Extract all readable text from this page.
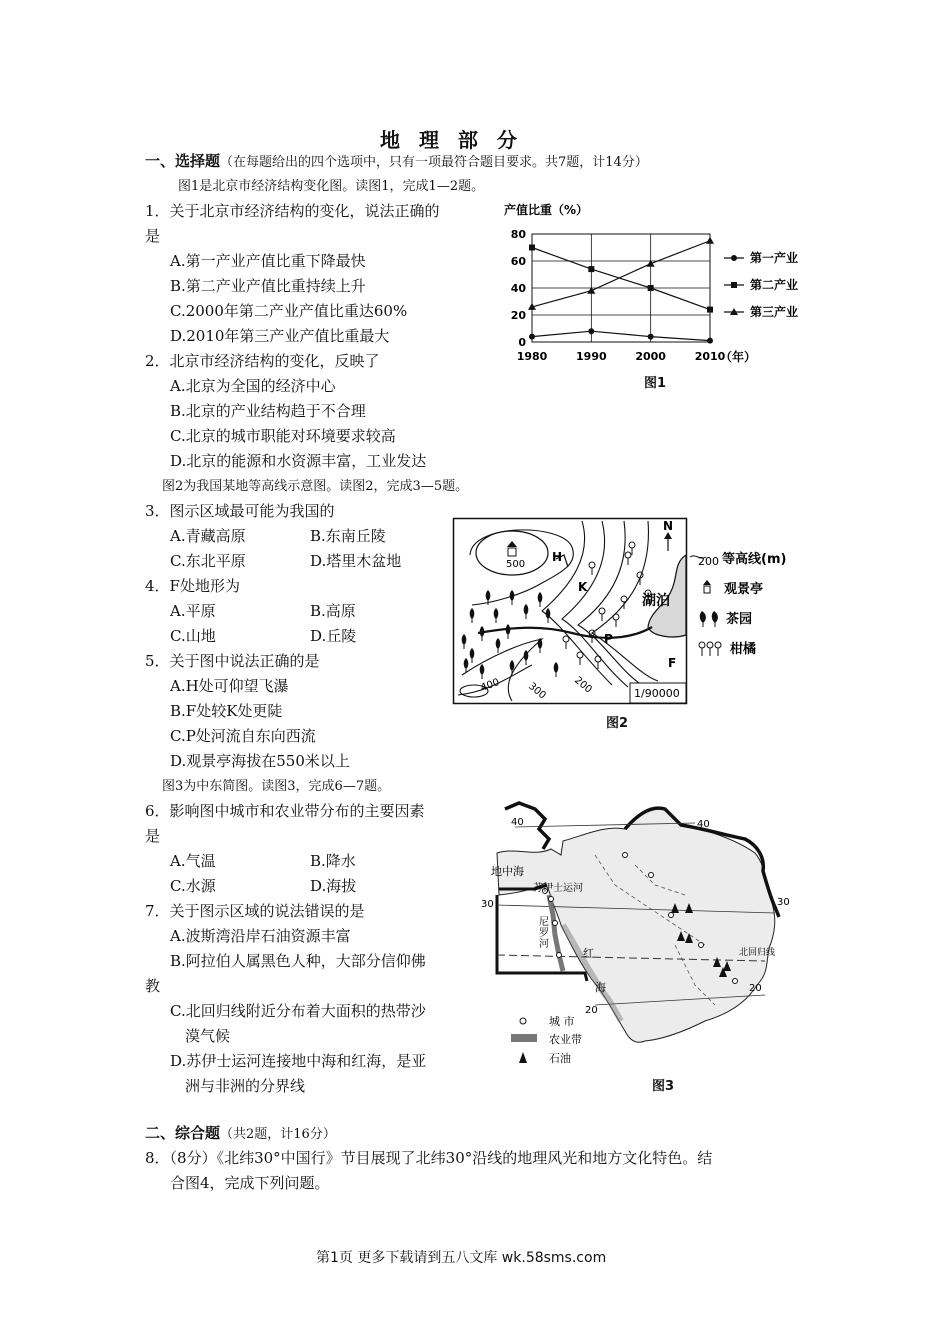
地 理 部 分
一、选择题（在每题给出的四个选项中，只有一项最符合题目要求。共7题，计14分）
图1是北京市经济结构变化图。读图1，完成1—2题。
1．关于北京市经济结构的变化，说法正确的
是
A.第一产业产值比重下降最快
B.第二产业产值比重持续上升
C.2000年第二产业产值比重达60%
D.2010年第三产业产值比重最大
2．北京市经济结构的变化，反映了
A.北京为全国的经济中心
B.北京的产业结构趋于不合理
C.北京的城市职能对环境要求较高
D.北京的能源和水资源丰富，工业发达
图2为我国某地等高线示意图。读图2，完成3—5题。
3．图示区域最可能为我国的
A.青藏高原	B.东南丘陵
C.东北平原	D.塔里木盆地
4．F处地形为
A.平原	B.高原
C.山地	D.丘陵
5．关于图中说法正确的是
A.H处可仰望飞瀑
B.F处较K处更陡
C.P处河流自东向西流
D.观景亭海拔在550米以上
图3为中东简图。读图3，完成6—7题。
6．影响图中城市和农业带分布的主要因素
是
A.气温	B.降水
C.水源	D.海拔
7．关于图示区域的说法错误的是
A.波斯湾沿岸石油资源丰富
B.阿拉伯人属黑色人种，大部分信仰佛
教
C.北回归线附近分布着大面积的热带沙
漠气候
D.苏伊士运河连接地中海和红海，是亚
洲与非洲的分界线
二、综合题（共2题，计16分）
8．（8分）《北纬30°中国行》节目展现了北纬30°沿线的地理风光和地方文化特色。结
合图4，完成下列问题。
第1页 更多下载请到五八文库 wk.58sms.com
产值比重（%）
0
20
40
60
80
1980	1990	2000	2010
第一产业
第二产业
第三产业
（年）
图1
500
400	300 200
H
K
P
F
湖泊
N
1/90000
200 等高线(m)
观景亭
茶园
柑橘
图2
40	40
30	30
20
20
地中海
苏伊士运河
尼
罗
河
红
海
北回归线
城 市
农业带
石油
图3
